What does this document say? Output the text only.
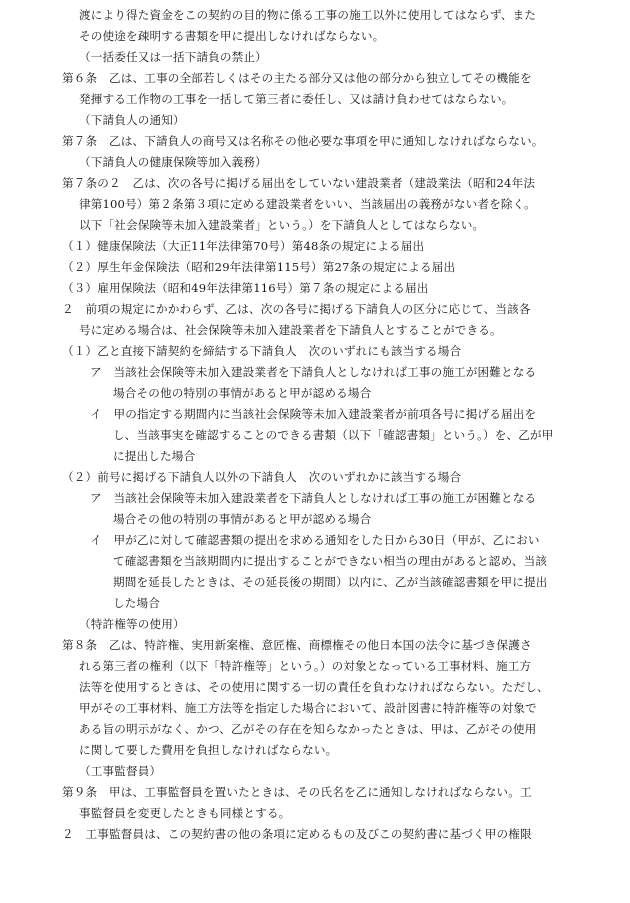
渡により得た資金をこの契約の目的物に係る工事の施工以外に使用してはならず、また
その使途を疎明する書類を甲に提出しなければならない。
（一括委任又は一括下請負の禁止）
第６条　乙は、工事の全部若しくはその主たる部分又は他の部分から独立してその機能を
発揮する工作物の工事を一括して第三者に委任し、又は請け負わせてはならない。
（下請負人の通知）
第７条　乙は、下請負人の商号又は名称その他必要な事項を甲に通知しなければならない。
（下請負人の健康保険等加入義務）
第７条の２　乙は、次の各号に掲げる届出をしていない建設業者（建設業法（昭和24年法
律第100号）第２条第３項に定める建設業者をいい、当該届出の義務がない者を除く。
以下「社会保険等未加入建設業者」という。）を下請負人としてはならない。
（１）健康保険法（大正11年法律第70号）第48条の規定による届出
（２）厚生年金保険法（昭和29年法律第115号）第27条の規定による届出
（３）雇用保険法（昭和49年法律第116号）第７条の規定による届出
２　前項の規定にかかわらず、乙は、次の各号に掲げる下請負人の区分に応じて、当該各
号に定める場合は、社会保険等未加入建設業者を下請負人とすることができる。
（１）乙と直接下請契約を締結する下請負人　次のいずれにも該当する場合
ア　当該社会保険等未加入建設業者を下請負人としなければ工事の施工が困難となる
場合その他の特別の事情があると甲が認める場合
イ　甲の指定する期間内に当該社会保険等未加入建設業者が前項各号に掲げる届出を
し、当該事実を確認することのできる書類（以下「確認書類」という。）を、乙が甲
に提出した場合
（２）前号に掲げる下請負人以外の下請負人　次のいずれかに該当する場合
ア　当該社会保険等未加入建設業者を下請負人としなければ工事の施工が困難となる
場合その他の特別の事情があると甲が認める場合
イ　甲が乙に対して確認書類の提出を求める通知をした日から30日（甲が、乙におい
て確認書類を当該期間内に提出することができない相当の理由があると認め、当該
期間を延長したときは、その延長後の期間）以内に、乙が当該確認書類を甲に提出
した場合
（特許権等の使用）
第８条　乙は、特許権、実用新案権、意匠権、商標権その他日本国の法令に基づき保護さ
れる第三者の権利（以下「特許権等」という。）の対象となっている工事材料、施工方
法等を使用するときは、その使用に関する一切の責任を負わなければならない。ただし、
甲がその工事材料、施工方法等を指定した場合において、設計図書に特許権等の対象で
ある旨の明示がなく、かつ、乙がその存在を知らなかったときは、甲は、乙がその使用
に関して要した費用を負担しなければならない。
（工事監督員）
第９条　甲は、工事監督員を置いたときは、その氏名を乙に通知しなければならない。工
事監督員を変更したときも同様とする。
２　工事監督員は、この契約書の他の条項に定めるもの及びこの契約書に基づく甲の権限
